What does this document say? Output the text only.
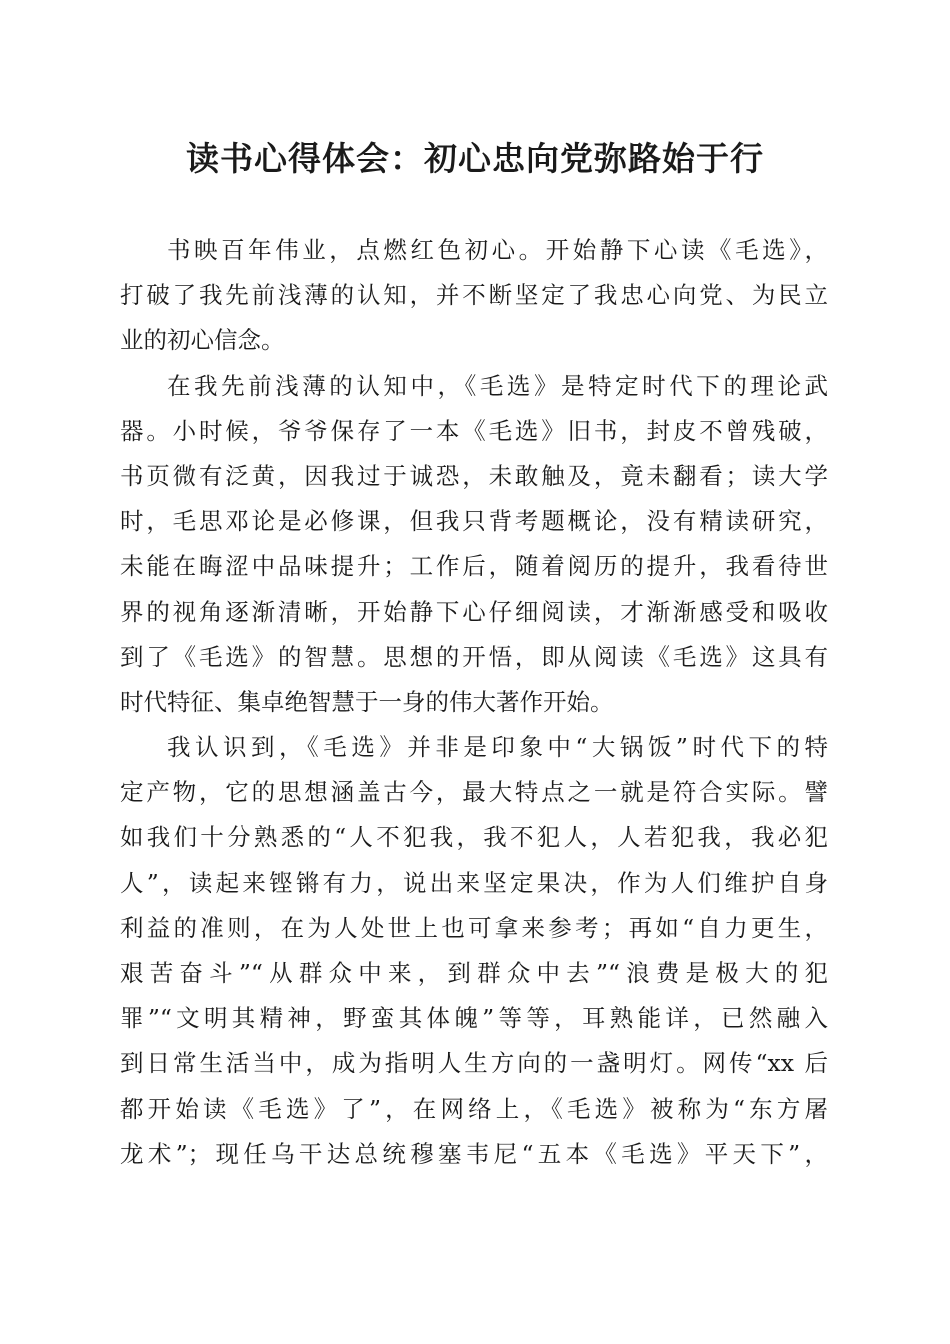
读书心得体会：初心忠向党弥路始于行
书映百年伟业，点燃红色初心。开始静下心读《毛选》，
打破了我先前浅薄的认知，并不断坚定了我忠心向党、为民立
业的初心信念。
在我先前浅薄的认知中，《毛选》是特定时代下的理论武
器。小时候，爷爷保存了一本《毛选》旧书，封皮不曾残破，
书页微有泛黄，因我过于诚恐，未敢触及，竟未翻看；读大学
时，毛思邓论是必修课，但我只背考题概论，没有精读研究，
未能在晦涩中品味提升；工作后，随着阅历的提升，我看待世
界的视角逐渐清晰，开始静下心仔细阅读，才渐渐感受和吸收
到了《毛选》的智慧。思想的开悟，即从阅读《毛选》这具有
时代特征、集卓绝智慧于一身的伟大著作开始。
我认识到，《毛选》并非是印象中“大锅饭”时代下的特
定产物，它的思想涵盖古今，最大特点之一就是符合实际。譬
如我们十分熟悉的“人不犯我，我不犯人，人若犯我，我必犯
人”，读起来铿锵有力，说出来坚定果决，作为人们维护自身
利益的准则，在为人处世上也可拿来参考；再如“自力更生，
艰苦奋斗”“从群众中来，到群众中去”“浪费是极大的犯
罪”“文明其精神，野蛮其体魄”等等，耳熟能详，已然融入
到日常生活当中，成为指明人生方向的一盏明灯。网传“xx 后
都开始读《毛选》了”，在网络上，《毛选》被称为“东方屠
龙术”；现任乌干达总统穆塞韦尼“五本《毛选》平天下”，
